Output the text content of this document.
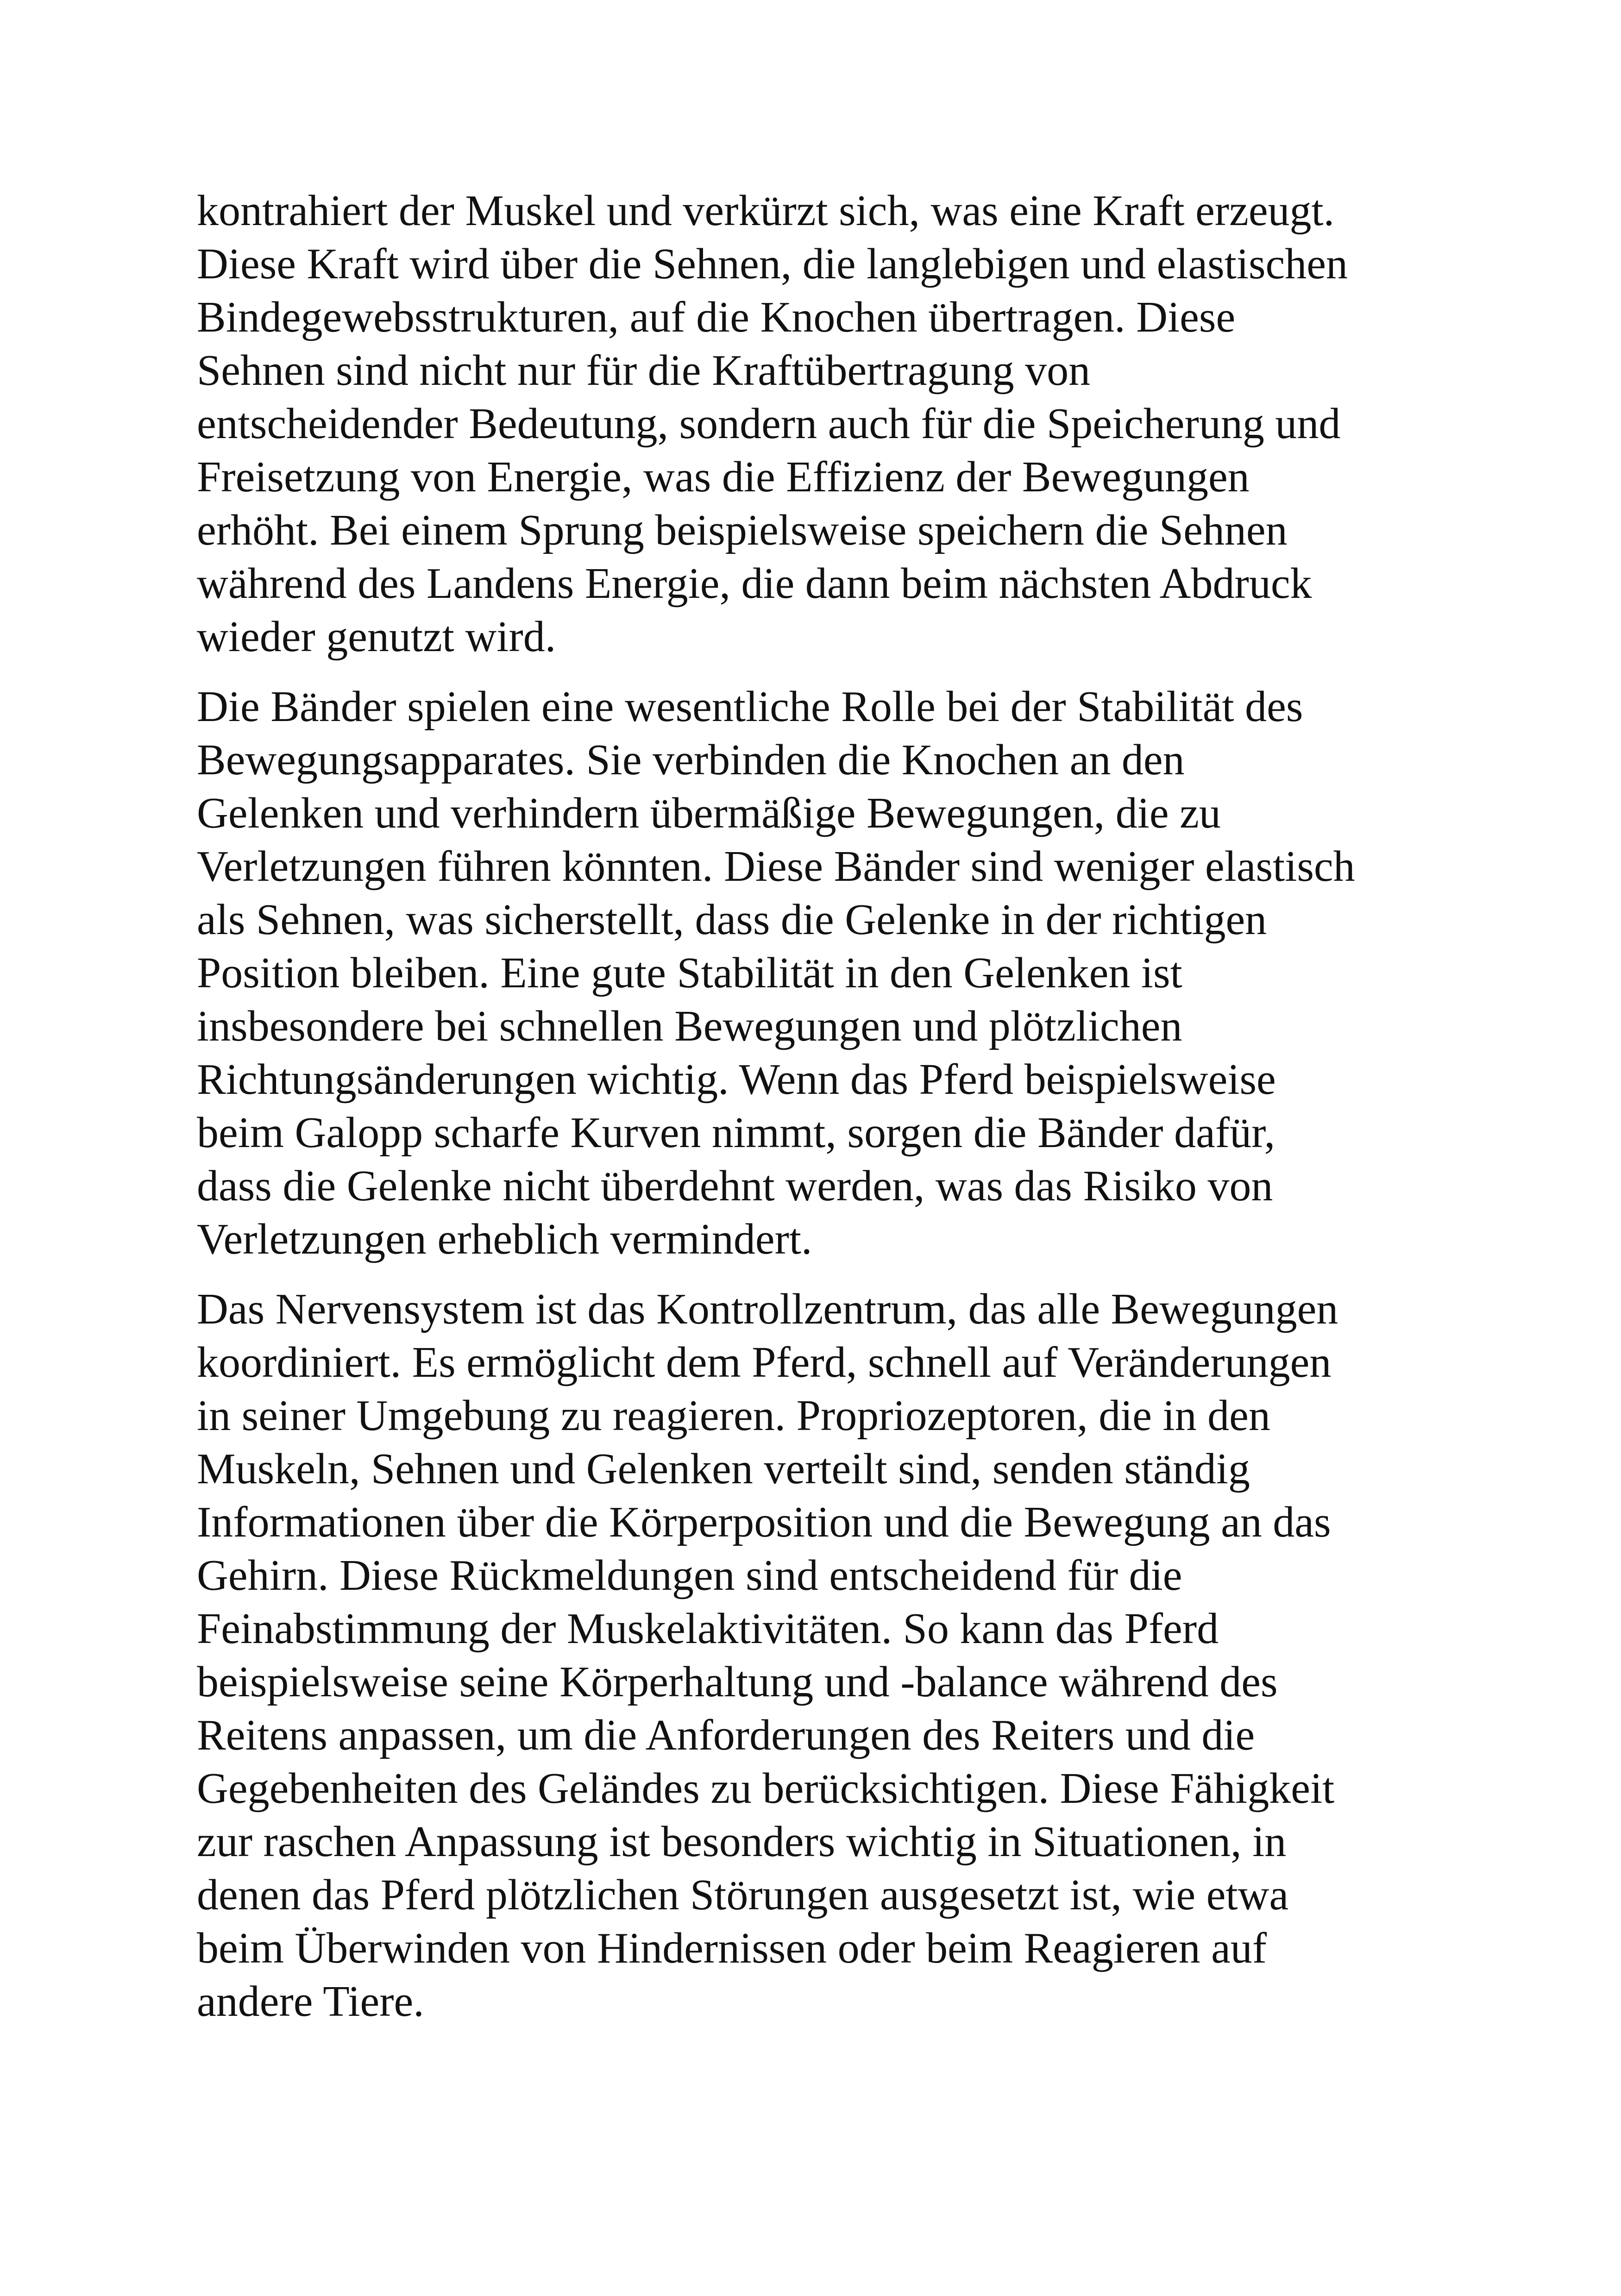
kontrahiert der Muskel und verkürzt sich, was eine Kraft erzeugt.
Diese Kraft wird über die Sehnen, die langlebigen und elastischen
Bindegewebsstrukturen, auf die Knochen übertragen. Diese
Sehnen sind nicht nur für die Kraftübertragung von
entscheidender Bedeutung, sondern auch für die Speicherung und
Freisetzung von Energie, was die Effizienz der Bewegungen
erhöht. Bei einem Sprung beispielsweise speichern die Sehnen
während des Landens Energie, die dann beim nächsten Abdruck
wieder genutzt wird.

Die Bänder spielen eine wesentliche Rolle bei der Stabilität des
Bewegungsapparates. Sie verbinden die Knochen an den
Gelenken und verhindern übermäßige Bewegungen, die zu
Verletzungen führen könnten. Diese Bänder sind weniger elastisch
als Sehnen, was sicherstellt, dass die Gelenke in der richtigen
Position bleiben. Eine gute Stabilität in den Gelenken ist
insbesondere bei schnellen Bewegungen und plötzlichen
Richtungsänderungen wichtig. Wenn das Pferd beispielsweise
beim Galopp scharfe Kurven nimmt, sorgen die Bänder dafür,
dass die Gelenke nicht überdehnt werden, was das Risiko von
Verletzungen erheblich vermindert.

Das Nervensystem ist das Kontrollzentrum, das alle Bewegungen
koordiniert. Es ermöglicht dem Pferd, schnell auf Veränderungen
in seiner Umgebung zu reagieren. Propriozeptoren, die in den
Muskeln, Sehnen und Gelenken verteilt sind, senden ständig
Informationen über die Körperposition und die Bewegung an das
Gehirn. Diese Rückmeldungen sind entscheidend für die
Feinabstimmung der Muskelaktivitäten. So kann das Pferd
beispielsweise seine Körperhaltung und -balance während des
Reitens anpassen, um die Anforderungen des Reiters und die
Gegebenheiten des Geländes zu berücksichtigen. Diese Fähigkeit
zur raschen Anpassung ist besonders wichtig in Situationen, in
denen das Pferd plötzlichen Störungen ausgesetzt ist, wie etwa
beim Überwinden von Hindernissen oder beim Reagieren auf
andere Tiere.
